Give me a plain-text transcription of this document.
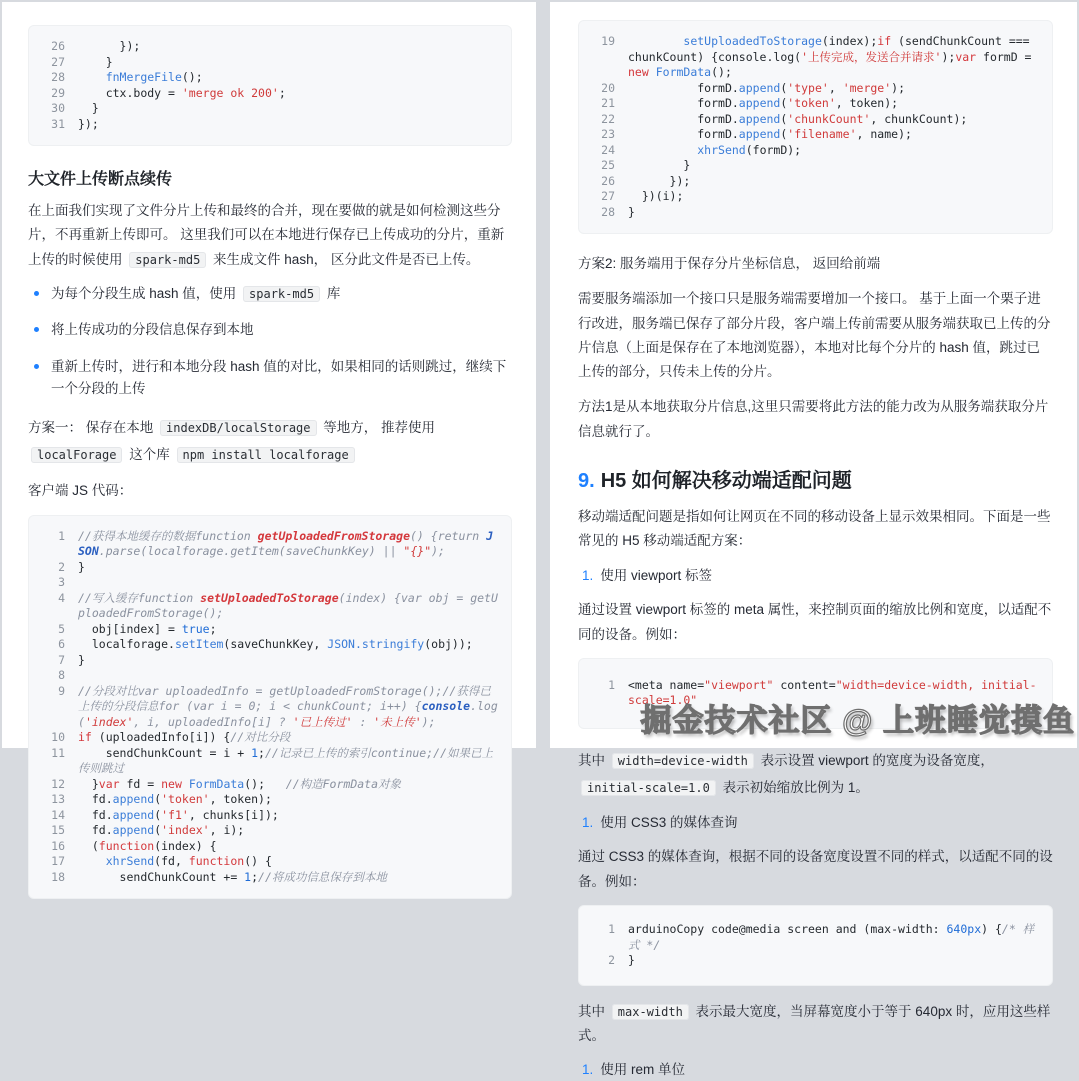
26 });
27 }
28	fnMergeFile();
29 ctx.body = 'merge ok 200';
30 }
31 });
大文件上传断点续传

在上面我们实现了文件分片上传和最终的合并，现在要做的就是如何检测这些分片，不再重新上传即可。 这里我们可以在本地进行保存已上传成功的分片，重新上传的时候使用 spark-md5 来生成文件 hash， 区分此文件是否已上传。

为每个分段生成 hash 值，使用 spark-md5 库
将上传成功的分段信息保存到本地
重新上传时，进行和本地分段 hash 值的对比，如果相同的话则跳过，继续下一个分段的上传

方案一： 保存在本地 indexDB/localStorage 等地方， 推荐使用 localForage 这个库 npm install localforage

客户端 JS 代码：

1 //获得本地缓存的数据function getUploadedFromStorage() {return JSON.parse(localforage.getItem(saveChunkKey) || "{}");
2 }
3
4 //写入缓存function setUploadedToStorage(index) {var obj = getUploadedFromStorage();
5 obj[index] = true;
6 localforage.setItem(saveChunkKey, JSON.stringify(obj));
7 }
8
9 //分段对比var uploadedInfo = getUploadedFromStorage();//获得已上传的分段信息for (var i = 0; i < chunkCount; i++) {console.log('index', i, uploadedInfo[i] ? '已上传过' : '未上传');
10 if (uploadedInfo[i]) {//对比分段
11 sendChunkCount = i + 1;//记录已上传的索引continue;//如果已上传则跳过
12 }var fd = new FormData();   //构造FormData对象
13 fd.append('token', token);
14 fd.append('f1', chunks[i]);
15 fd.append('index', i);
16 (function(index) {
17	xhrSend(fd, function() {
18 sendChunkCount += 1;//将成功信息保存到本地
19	setUploadedToStorage(index);if (sendChunkCount === chunkCount) {console.log('上传完成，发送合并请求');var formD = new FormData();
20 formD.append('type', 'merge');
21 formD.append('token', token);
22 formD.append('chunkCount', chunkCount);
23 formD.append('filename', name);
24	xhrSend(formD);
25 }
26 });
27 })(i);
28 }

方案2: 服务端用于保存分片坐标信息， 返回给前端

需要服务端添加一个接口只是服务端需要增加一个接口。 基于上面一个栗子进行改进，服务端已保存了部分片段，客户端上传前需要从服务端获取已上传的分片信息（上面是保存在了本地浏览器），本地对比每个分片的 hash 值，跳过已上传的部分，只传未上传的分片。

方法1是从本地获取分片信息,这里只需要将此方法的能力改为从服务端获取分片信息就行了。

9. H5 如何解决移动端适配问题

移动端适配问题是指如何让网页在不同的移动设备上显示效果相同。下面是一些常见的 H5 移动端适配方案：

1. 使用 viewport 标签

通过设置 viewport 标签的 meta 属性，来控制页面的缩放比例和宽度，以适配不同的设备。例如：

1 <meta name="viewport" content="width=device-width, initial-scale=1.0"

其中 width=device-width 表示设置 viewport 的宽度为设备宽度， initial-scale=1.0 表示初始缩放比例为 1。

1. 使用 CSS3 的媒体查询

通过 CSS3 的媒体查询，根据不同的设备宽度设置不同的样式，以适配不同的设备。例如：

1 arduinoCopy code@media screen and (max-width: 640px) {/* 样式 */
2 }

其中 max-width 表示最大宽度，当屏幕宽度小于等于 640px 时，应用这些样式。

1. 使用 rem 单位
掘金技术社区 @ 上班睡觉摸鱼
